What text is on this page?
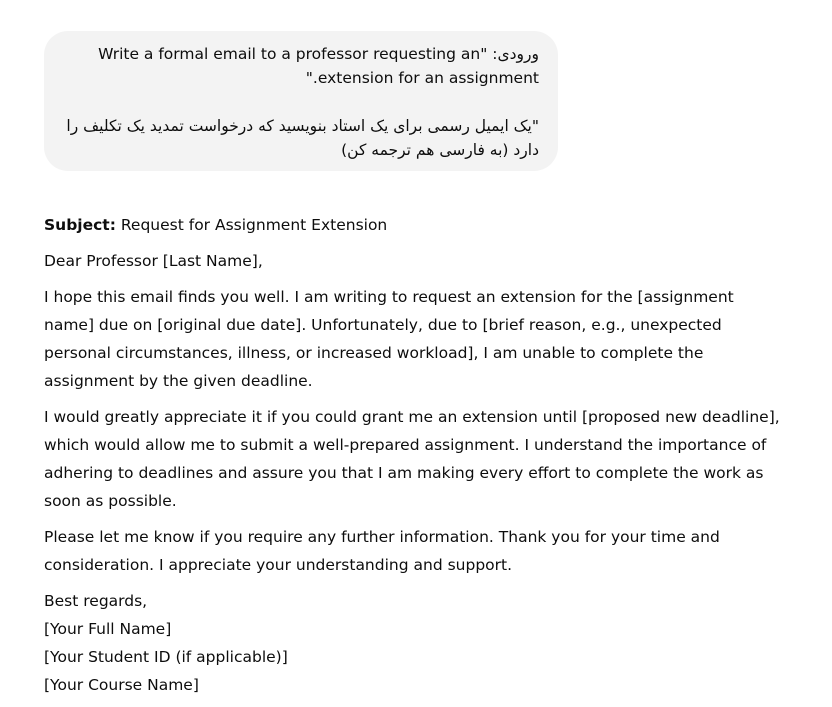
ورودی: "Write a formal email to a professor requesting an extension for an assignment."

"یک ایمیل رسمی برای یک استاد بنویسید که درخواست تمدید یک تکلیف را دارد (به فارسی هم ترجمه کن)

Subject: Request for Assignment Extension

Dear Professor [Last Name],

I hope this email finds you well. I am writing to request an extension for the [assignment name] due on [original due date]. Unfortunately, due to [brief reason, e.g., unexpected personal circumstances, illness, or increased workload], I am unable to complete the assignment by the given deadline.

I would greatly appreciate it if you could grant me an extension until [proposed new deadline], which would allow me to submit a well-prepared assignment. I understand the importance of adhering to deadlines and assure you that I am making every effort to complete the work as soon as possible.

Please let me know if you require any further information. Thank you for your time and consideration. I appreciate your understanding and support.

Best regards,
[Your Full Name]
[Your Student ID (if applicable)]
[Your Course Name]
